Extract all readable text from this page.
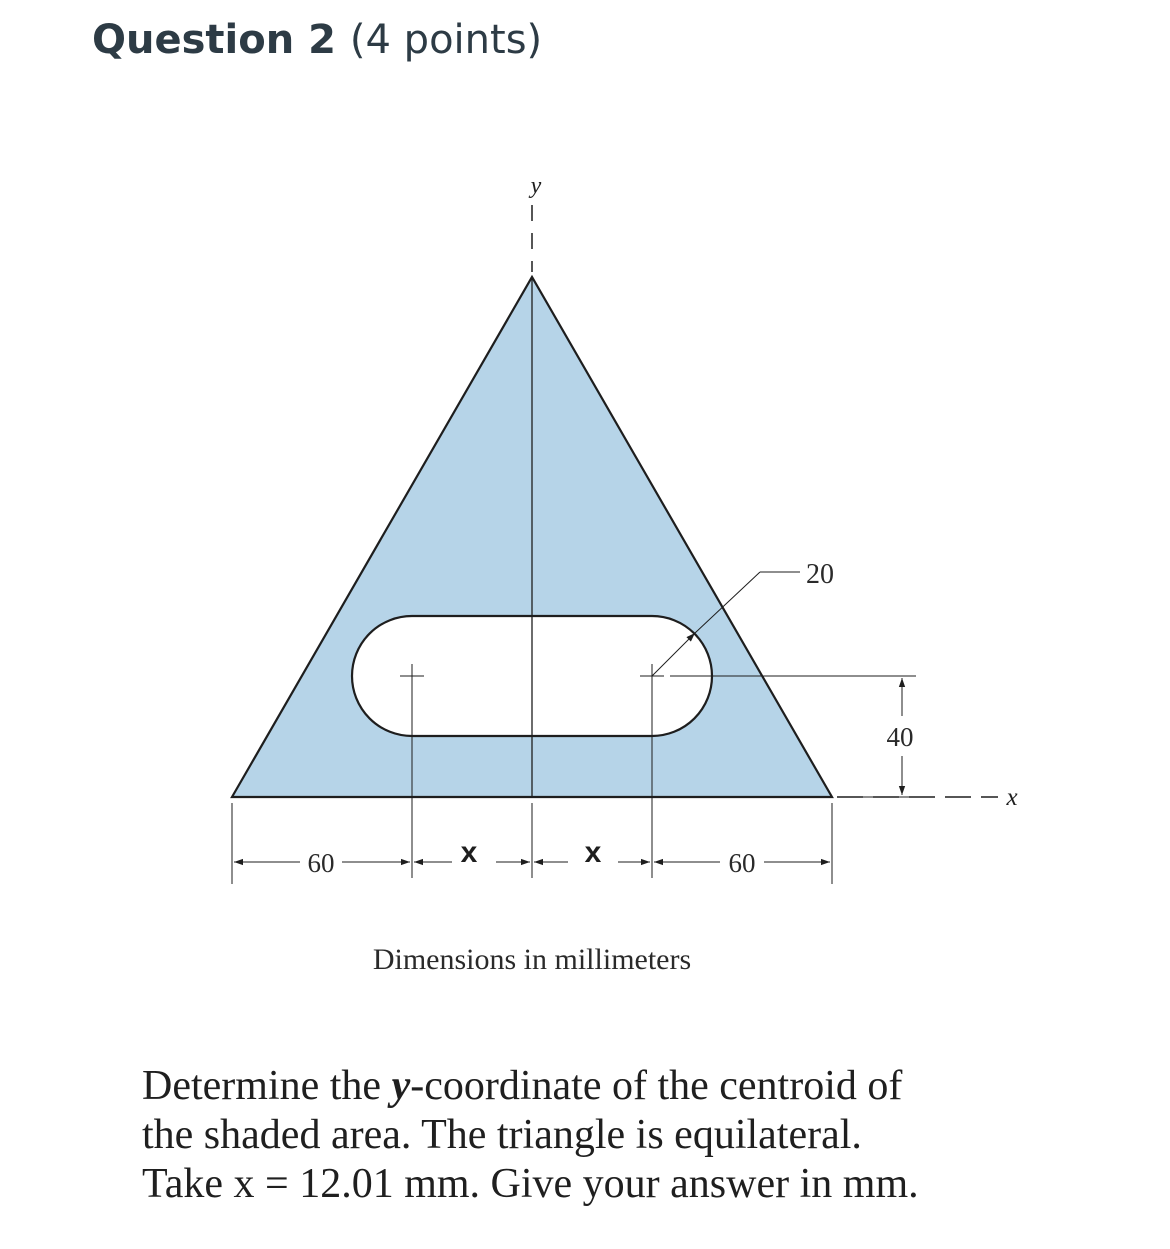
Question 2 (4 points)
y
x
60	x	x	60
20
40
Dimensions in millimeters

Determine the y-coordinate of the centroid of

the shaded area. The triangle is equilateral.

Take x = 12.01 mm. Give your answer in mm.
